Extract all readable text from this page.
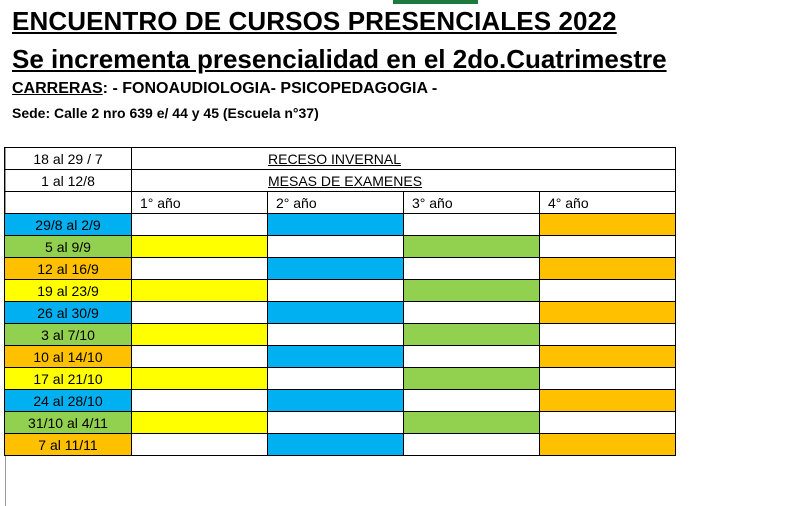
ENCUENTRO DE CURSOS PRESENCIALES 2022
Se incrementa presencialidad en el 2do.Cuatrimestre
CARRERAS: - FONOAUDIOLOGIA- PSICOPEDAGOGIA -
Sede: Calle 2 nro 639 e/ 44 y 45 (Escuela n°37)
18 al 29 / 7	RECESO INVERNAL			
1 al 12/8	MESAS DE EXAMENES			
	1° año	2° año	3° año	4° año
29/8 al 2/9				
5 al 9/9				
12 al 16/9				
19 al 23/9				
26 al 30/9				
3 al 7/10				
10 al 14/10				
17 al 21/10				
24 al 28/10				
31/10 al 4/11				
7 al 11/11				
